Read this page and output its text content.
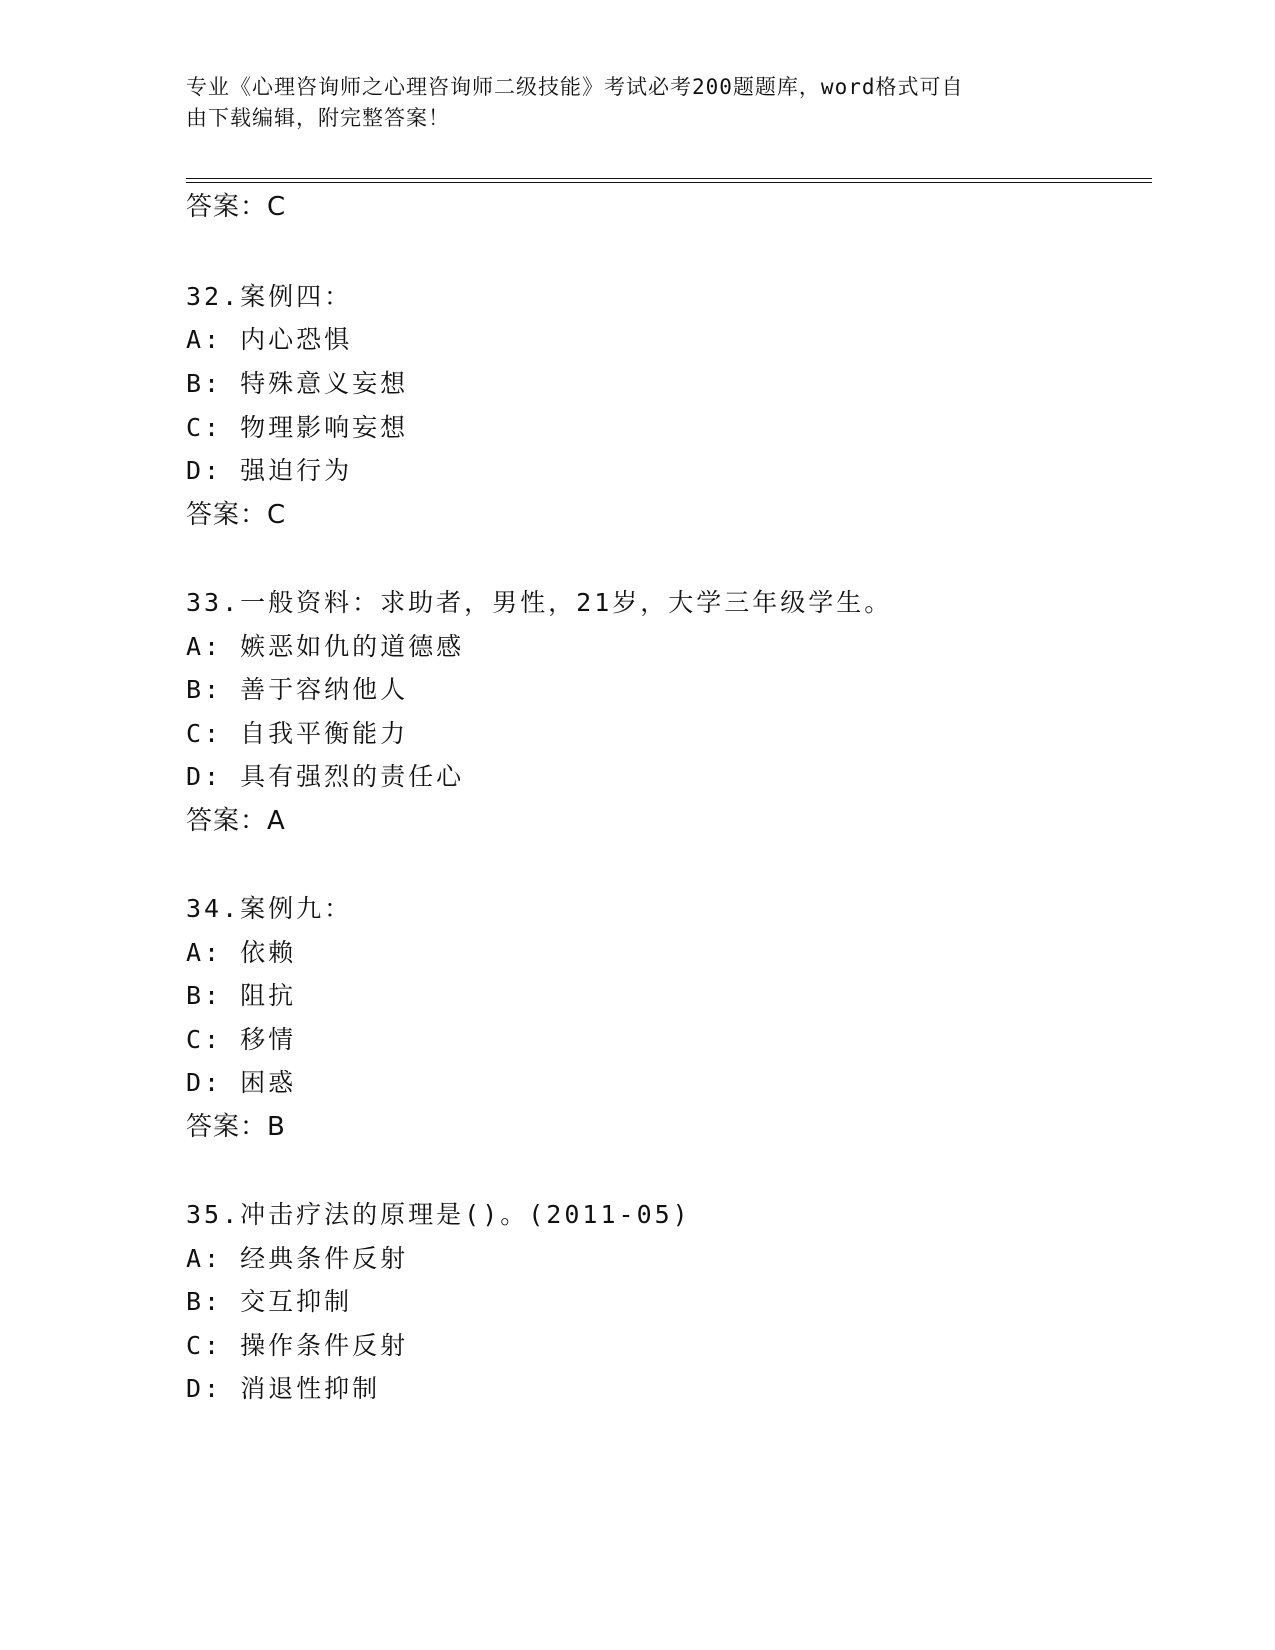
专业《心理咨询师之心理咨询师二级技能》考试必考200题题库，word格式可自
由下载编辑，附完整答案！
答案：C
32.案例四：
A: 内心恐惧
B: 特殊意义妄想
C: 物理影响妄想
D: 强迫行为
答案：C
33.一般资料：求助者，男性，21岁，大学三年级学生。
A: 嫉恶如仇的道德感
B: 善于容纳他人
C: 自我平衡能力
D: 具有强烈的责任心
答案：A
34.案例九：
A: 依赖
B: 阻抗
C: 移情
D: 困惑
答案：B
35.冲击疗法的原理是()。(2011-05)
A: 经典条件反射
B: 交互抑制
C: 操作条件反射
D: 消退性抑制
